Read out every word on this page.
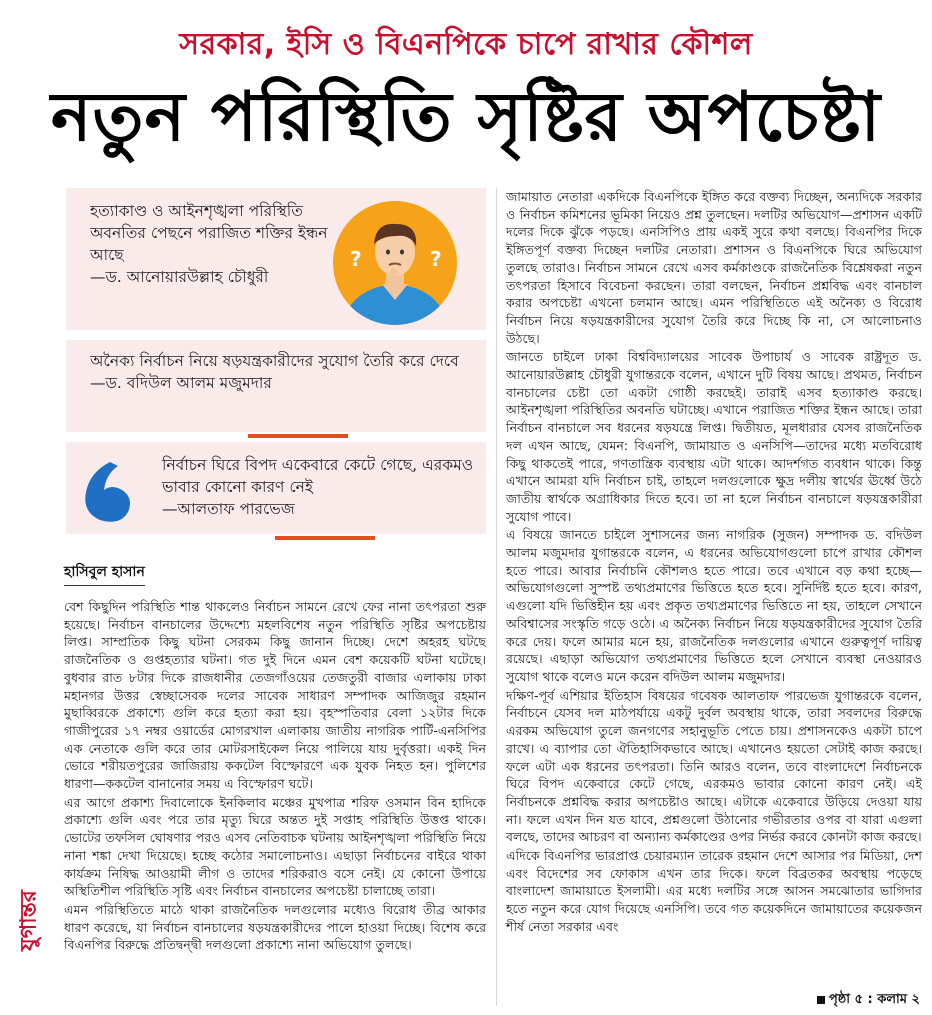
সরকার, ইসি ও বিএনপিকে চাপে রাখার কৌশল
নতুন পরিস্থিতি সৃষ্টির অপচেষ্টা
হত্যাকাণ্ড ও আইনশৃঙ্খলা পরিস্থিতি অবনতির পেছনে পরাজিত শক্তির ইন্ধন আছে
—ড. আনোয়ারউল্লাহ চৌধুরী
?	?
অনৈক্য নির্বাচন নিয়ে ষড়যন্ত্রকারীদের সুযোগ তৈরি করে দেবে
—ড. বদিউল আলম মজুমদার
নির্বাচন ঘিরে বিপদ একেবারে কেটে গেছে, এরকমও ভাবার কোনো কারণ নেই
—আলতাফ পারভেজ
হাসিবুল হাসান

বেশ কিছুদিন পরিস্থিতি শান্ত থাকলেও নির্বাচন সামনে রেখে ফের নানা তৎপরতা শুরু হয়েছে। নির্বাচন বানচালের উদ্দেশ্যে মহলবিশেষ নতুন পরিস্থিতি সৃষ্টির অপচেষ্টায় লিপ্ত। সাম্প্রতিক কিছু ঘটনা সেরকম কিছু জানান দিচ্ছে। দেশে অহরহ ঘটছে রাজনৈতিক ও গুপ্তহত্যার ঘটনা। গত দুই দিনে এমন বেশ কয়েকটি ঘটনা ঘটেছে। বুধবার রাত ৮টার দিকে রাজধানীর তেজগাঁওয়ের তেজতুরী বাজার এলাকায় ঢাকা মহানগর উত্তর স্বেচ্ছাসেবক দলের সাবেক সাধারণ সম্পাদক আজিজুর রহমান মুছাব্বিরকে প্রকাশ্যে গুলি করে হত্যা করা হয়। বৃহস্পতিবার বেলা ১২টার দিকে গাজীপুরের ১৭ নম্বর ওয়ার্ডের মোগরখাল এলাকায় জাতীয় নাগরিক পার্টি-এনসিপির এক নেতাকে গুলি করে তার মোটরসাইকেল নিয়ে পালিয়ে যায় দুর্বৃত্তরা। একই দিন ভোরে শরীয়তপুরের জাজিরায় ককটেল বিস্ফোরণে এক যুবক নিহত হন। পুলিশের ধারণা—ককটেল বানানোর সময় এ বিস্ফোরণ ঘটে।

এর আগে প্রকাশ্য দিবালোকে ইনকিলাব মঞ্চের মুখপাত্র শরিফ ওসমান বিন হাদিকে প্রকাশ্যে গুলি এবং পরে তার মৃত্যু ঘিরে অন্তত দুই সপ্তাহ পরিস্থিতি উত্তপ্ত থাকে। ভোটের তফসিল ঘোষণার পরও এসব নেতিবাচক ঘটনায় আইনশৃঙ্খলা পরিস্থিতি নিয়ে নানা শঙ্কা দেখা দিয়েছে। হচ্ছে কঠোর সমালোচনাও। এছাড়া নির্বাচনের বাইরে থাকা কার্যক্রম নিষিদ্ধ আওয়ামী লীগ ও তাদের শরিকরাও বসে নেই। যে কোনো উপায়ে অস্থিতিশীল পরিস্থিতি সৃষ্টি এবং নির্বাচন বানচালের অপচেষ্টা চালাচ্ছে তারা।

এমন পরিস্থিতিতে মাঠে থাকা রাজনৈতিক দলগুলোর মধ্যেও বিরোধ তীব্র আকার ধারণ করেছে, যা নির্বাচন বানচালের ষড়যন্ত্রকারীদের পালে হাওয়া দিচ্ছে। বিশেষ করে বিএনপির বিরুদ্ধে প্রতিদ্বন্দ্বী দলগুলো প্রকাশ্যে নানা অভিযোগ তুলছে।

জামায়াত নেতারা একদিকে বিএনপিকে ইঙ্গিত করে বক্তব্য দিচ্ছেন, অন্যদিকে সরকার ও নির্বাচন কমিশনের ভূমিকা নিয়েও প্রশ্ন তুলছেন। দলটির অভিযোগ—প্রশাসন একটি দলের দিকে ঝুঁকে পড়ছে। এনসিপিও প্রায় একই সুরে কথা বলছে। বিএনপির দিকে ইঙ্গিতপূর্ণ বক্তব্য দিচ্ছেন দলটির নেতারা। প্রশাসন ও বিএনপিকে ঘিরে অভিযোগ তুলছে তারাও। নির্বাচন সামনে রেখে এসব কর্মকাণ্ডকে রাজনৈতিক বিশ্লেষকরা নতুন তৎপরতা হিসাবে বিবেচনা করছেন। তারা বলছেন, নির্বাচন প্রশ্নবিদ্ধ এবং বানচাল করার অপচেষ্টা এখনো চলমান আছে। এমন পরিস্থিতিতে এই অনৈক্য ও বিরোধ নির্বাচন নিয়ে ষড়যন্ত্রকারীদের সুযোগ তৈরি করে দিচ্ছে কি না, সে আলোচনাও উঠছে।

জানতে চাইলে ঢাকা বিশ্ববিদ্যালয়ের সাবেক উপাচার্য ও সাবেক রাষ্ট্রদূত ড. আনোয়ারউল্লাহ চৌধুরী যুগান্তরকে বলেন, এখানে দুটি বিষয় আছে। প্রথমত, নির্বাচন বানচালের চেষ্টা তো একটা গোষ্ঠী করছেই। তারাই এসব হত্যাকাণ্ড করছে। আইনশৃঙ্খলা পরিস্থিতির অবনতি ঘটাচ্ছে। এখানে পরাজিত শক্তির ইন্ধন আছে। তারা নির্বাচন বানচালে সব ধরনের ষড়যন্ত্রে লিপ্ত। দ্বিতীয়ত, মূলধারার যেসব রাজনৈতিক দল এখন আছে, যেমন: বিএনপি, জামায়াত ও এনসিপি—তাদের মধ্যে মতবিরোধ কিছু থাকতেই পারে, গণতান্ত্রিক ব্যবস্থায় এটা থাকে। আদর্শগত ব্যবধান থাকে। কিন্তু এখানে আমরা যদি নির্বাচন চাই, তাহলে দলগুলোকে ক্ষুদ্র দলীয় স্বার্থের ঊর্ধ্বে উঠে জাতীয় স্বার্থকে অগ্রাধিকার দিতে হবে। তা না হলে নির্বাচন বানচালে ষড়যন্ত্রকারীরা সুযোগ পাবে।

এ বিষয়ে জানতে চাইলে সুশাসনের জন্য নাগরিক (সুজন) সম্পাদক ড. বদিউল আলম মজুমদার যুগান্তরকে বলেন, এ ধরনের অভিযোগগুলো চাপে রাখার কৌশল হতে পারে। আবার নির্বাচনি কৌশলও হতে পারে। তবে এখানে বড় কথা হচ্ছে—অভিযোগগুলো সুস্পষ্ট তথ্যপ্রমাণের ভিত্তিতে হতে হবে। সুনির্দিষ্ট হতে হবে। কারণ, এগুলো যদি ভিত্তিহীন হয় এবং প্রকৃত তথ্যপ্রমাণের ভিত্তিতে না হয়, তাহলে সেখানে অবিশ্বাসের সংস্কৃতি গড়ে ওঠে। এ অনৈক্য নির্বাচন নিয়ে ষড়যন্ত্রকারীদের সুযোগ তৈরি করে দেয়। ফলে আমার মনে হয়, রাজনৈতিক দলগুলোর এখানে গুরুত্বপূর্ণ দায়িত্ব রয়েছে। এছাড়া অভিযোগ তথ্যপ্রমাণের ভিত্তিতে হলে সেখানে ব্যবস্থা নেওয়ারও সুযোগ থাকে বলেও মনে করেন বদিউল আলম মজুমদার।

দক্ষিণ-পূর্ব এশিয়ার ইতিহাস বিষয়ের গবেষক আলতাফ পারভেজ যুগান্তরকে বলেন, নির্বাচনে যেসব দল মাঠপর্যায়ে একটু দুর্বল অবস্থায় থাকে, তারা সবলদের বিরুদ্ধে এরকম অভিযোগ তুলে জনগণের সহানুভূতি পেতে চায়। প্রশাসনকেও একটা চাপে রাখে। এ ব্যাপার তো ঐতিহাসিকভাবে আছে। এখানেও হয়তো সেটাই কাজ করছে। ফলে এটা এক ধরনের তৎপরতা। তিনি আরও বলেন, তবে বাংলাদেশে নির্বাচনকে ঘিরে বিপদ একেবারে কেটে গেছে, এরকমও ভাবার কোনো কারণ নেই। এই নির্বাচনকে প্রশ্নবিদ্ধ করার অপচেষ্টাও আছে। এটাকে একেবারে উড়িয়ে দেওয়া যায় না। ফলে এখন দিন যত যাবে, প্রশ্নগুলো উঠানোর গভীরতার ওপর বা যারা এগুলা বলছে, তাদের আচরণ বা অন্যান্য কর্মকাণ্ডের ওপর নির্ভর করবে কোনটা কাজ করছে।

এদিকে বিএনপির ভারপ্রাপ্ত চেয়ারম্যান তারেক রহমান দেশে আসার পর মিডিয়া, দেশ এবং বিদেশের সব ফোকাস এখন তার দিকে। ফলে বিব্রতকর অবস্থায় পড়েছে বাংলাদেশ জামায়াতে ইসলামী। এর মধ্যে দলটির সঙ্গে আসন সমঝোতার ভাগিদার হতে নতুন করে যোগ দিয়েছে এনসিপি। তবে গত কয়েকদিনে জামায়াতের কয়েকজন শীর্ষ নেতা সরকার এবং

যুগান্তর
পৃষ্ঠা ৫ : কলাম ২
